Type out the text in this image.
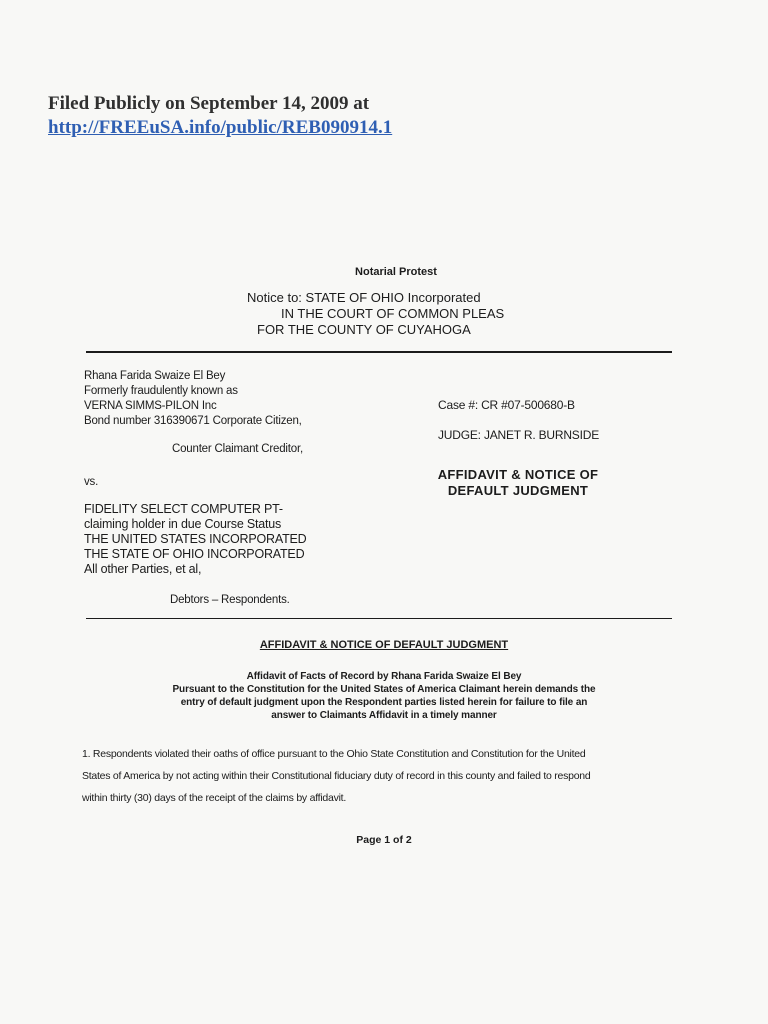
Filed Publicly on September 14, 2009 at
http://FREEuSA.info/public/REB090914.1
Notarial Protest
Notice to: STATE OF OHIO Incorporated
IN THE COURT OF COMMON PLEAS
FOR THE COUNTY OF CUYAHOGA
Rhana Farida Swaize El Bey
Formerly fraudulently known as
VERNA SIMMS-PILON Inc
Bond number 316390671 Corporate Citizen,
Counter Claimant Creditor,
Case #: CR #07-500680-B
JUDGE: JANET R. BURNSIDE
AFFIDAVIT & NOTICE OF
DEFAULT JUDGMENT
vs.
FIDELITY SELECT COMPUTER PT-
claiming holder in due Course Status
THE UNITED STATES INCORPORATED
THE STATE OF OHIO INCORPORATED
All other Parties, et al,
Debtors – Respondents.
AFFIDAVIT & NOTICE OF DEFAULT JUDGMENT
Affidavit of Facts of Record by Rhana Farida Swaize El Bey
Pursuant to the Constitution for the United States of America Claimant herein demands the
entry of default judgment upon the Respondent parties listed herein for failure to file an
answer to Claimants Affidavit in a timely manner
1. Respondents violated their oaths of office pursuant to the Ohio State Constitution and Constitution for the United
States of America by not acting within their Constitutional fiduciary duty of record in this county and failed to respond
within thirty (30) days of the receipt of the claims by affidavit.
Page 1 of 2
